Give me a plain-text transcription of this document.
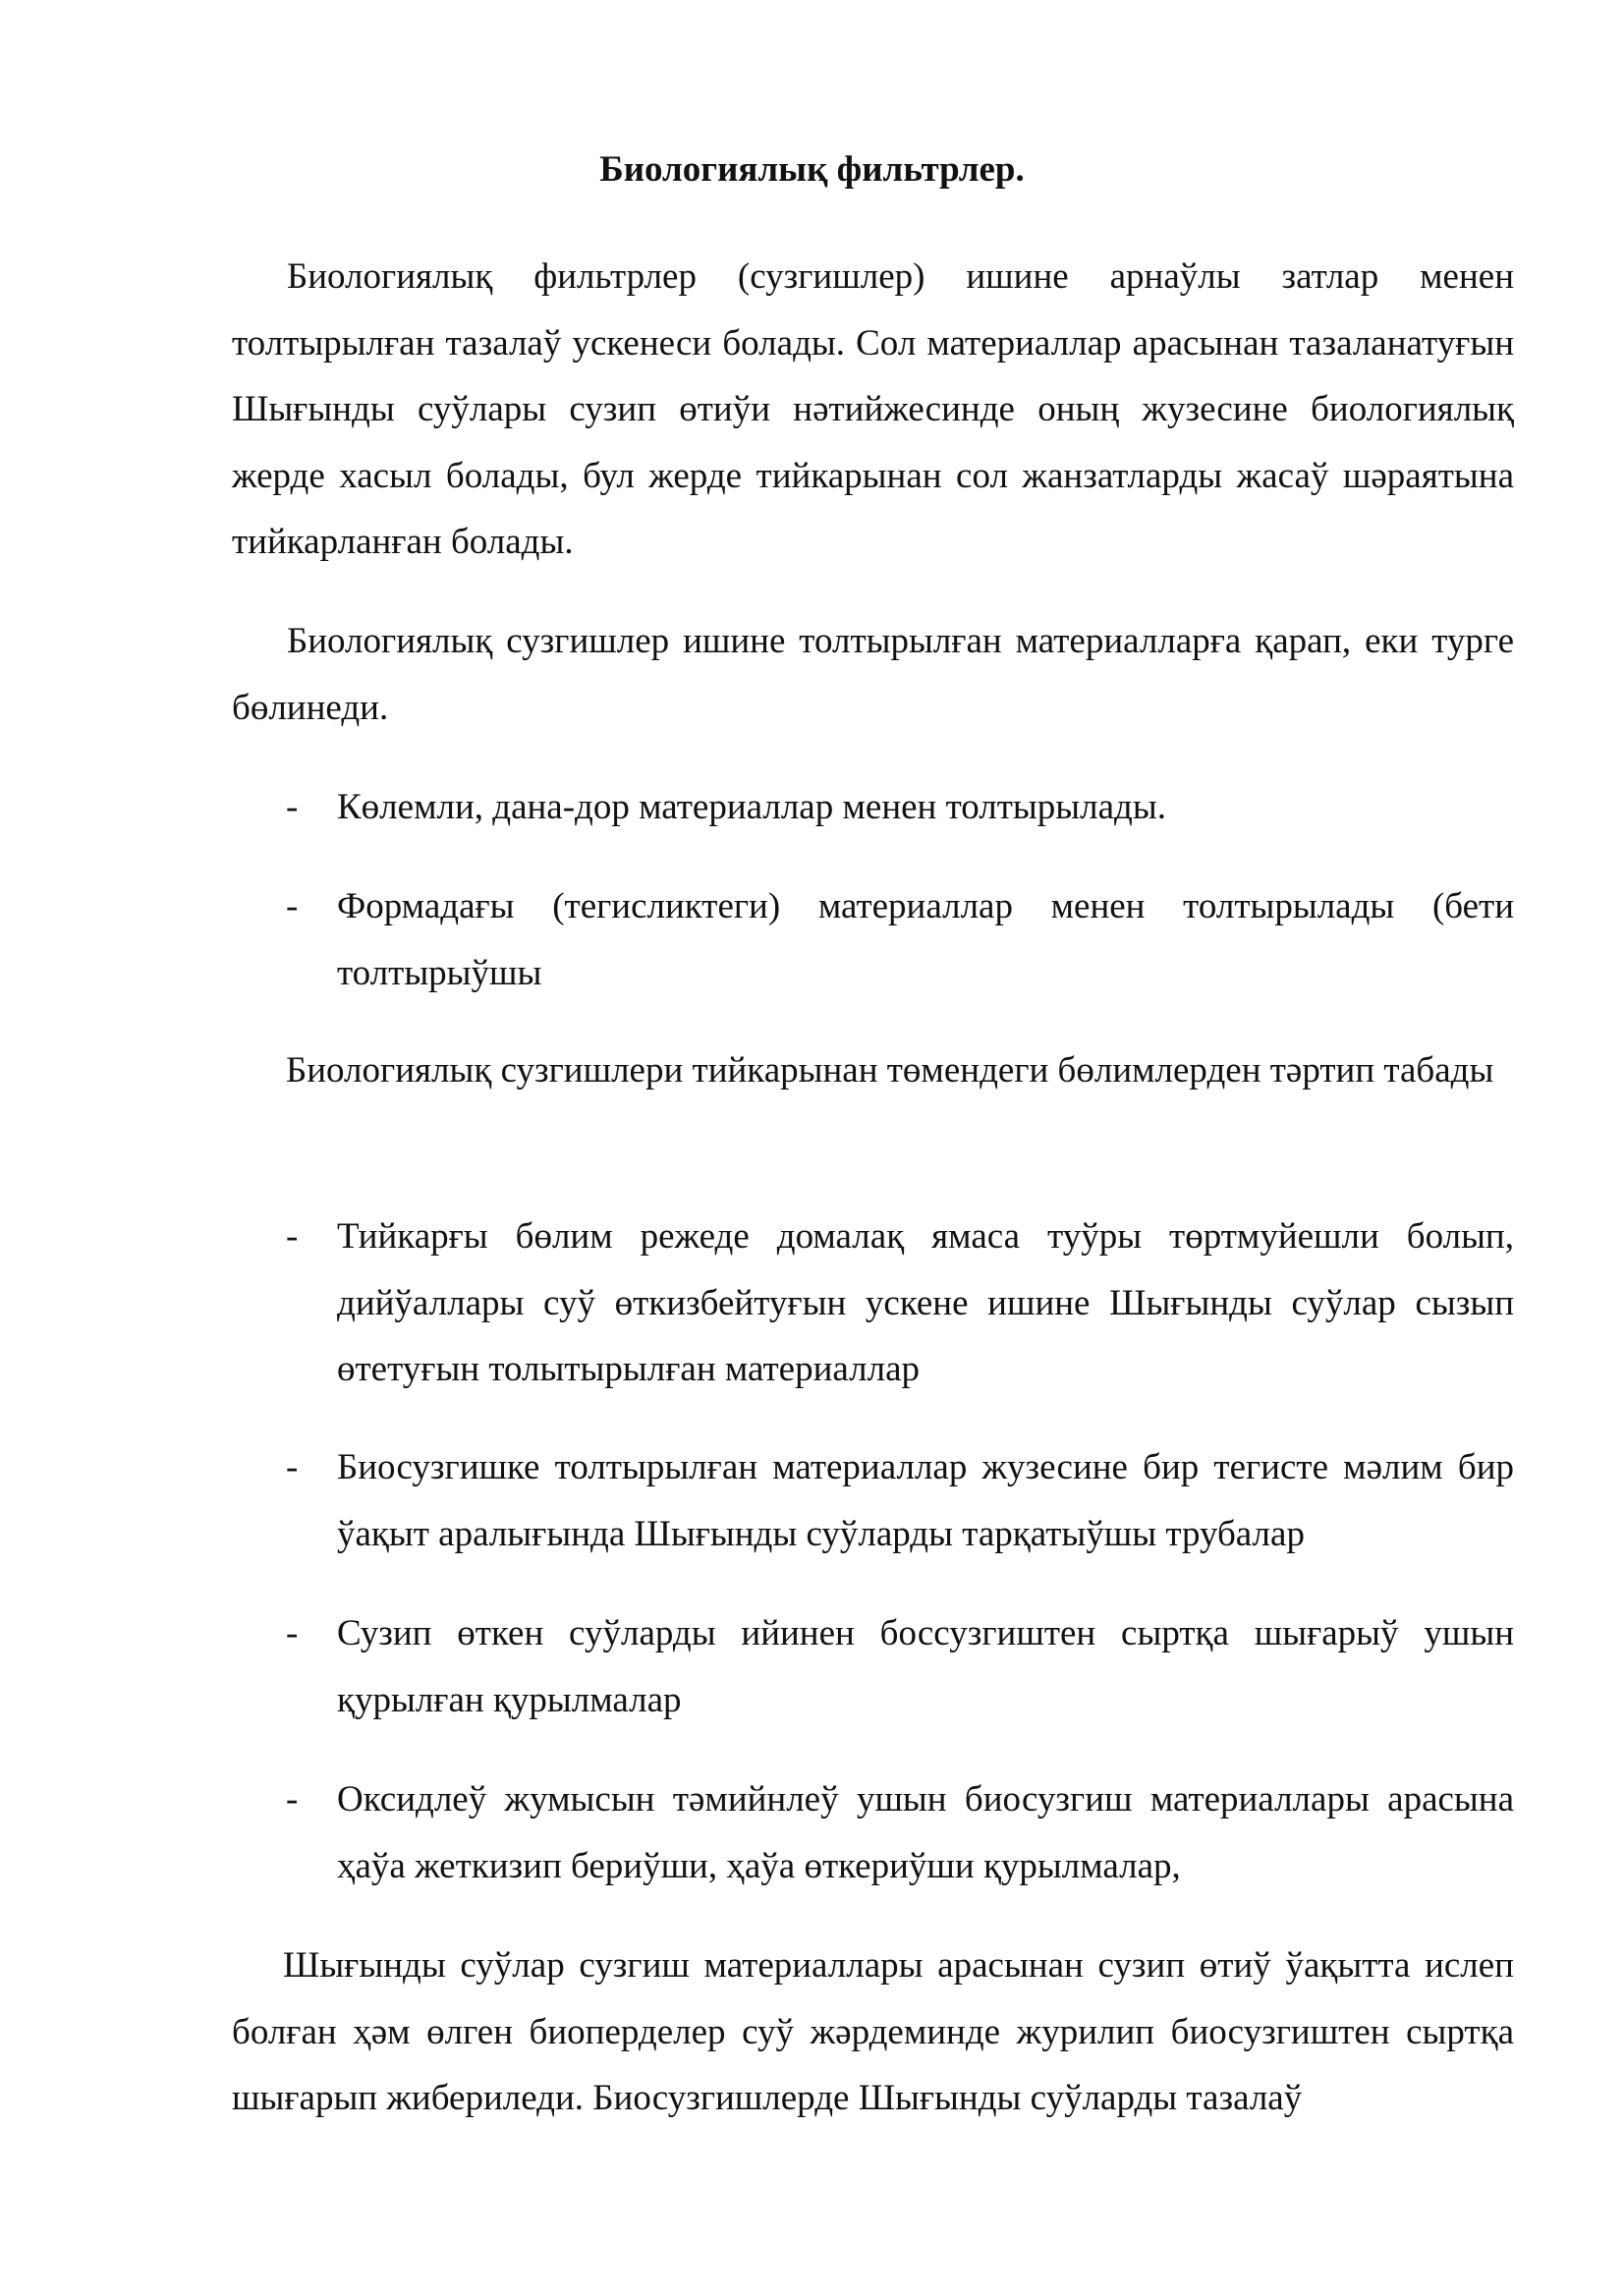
Биологиялық фильтрлер.

Биологиялық фильтрлер (сузгишлер) ишине арнаўлы затлар менен толтырылған тазалаў ускенеси болады. Сол материаллар арасынан тазаланатуғын Шығынды суўлары сузип өтиўи нәтийжесинде оның жузесине биологиялық жерде хасыл болады, бул жерде тийкарынан сол жанзатларды жасаў шәраятына тийкарланған болады.

Биологиялық сузгишлер ишине толтырылған материалларға қарап, еки турге бөлинеди.

-	Көлемли, дана-дор материаллар менен толтырылады.
-	Формадағы (тегисликтеги) материаллар менен толтырылады (бети толтырыўшы

Биологиялық сузгишлери тийкарынан төмендеги бөлимлерден тәртип табады

-	Тийкарғы бөлим режеде домалақ ямаса туўры төртмуйешли болып, дийўаллары суў өткизбейтуғын ускене ишине Шығынды суўлар сызып өтетуғын толытырылған материаллар
-	Биосузгишке толтырылған материаллар жузесине бир тегисте мәлим бир ўақыт аралығында Шығынды суўларды тарқатыўшы трубалар
-	Сузип өткен суўларды ийинен боссузгиштен сыртқа шығарыў ушын қурылған қурылмалар
-	Оксидлеў жумысын тәмийнлеў ушын биосузгиш материаллары арасына ҳаўа жеткизип бериўши, ҳаўа өткериўши қурылмалар,

Шығынды суўлар сузгиш материаллары арасынан сузип өтиў ўақытта ислеп болған ҳәм өлген биоперделер суў жәрдеминде журилип биосузгиштен сыртқа шығарып жибериледи. Биосузгишлерде Шығынды суўларды тазалаў
